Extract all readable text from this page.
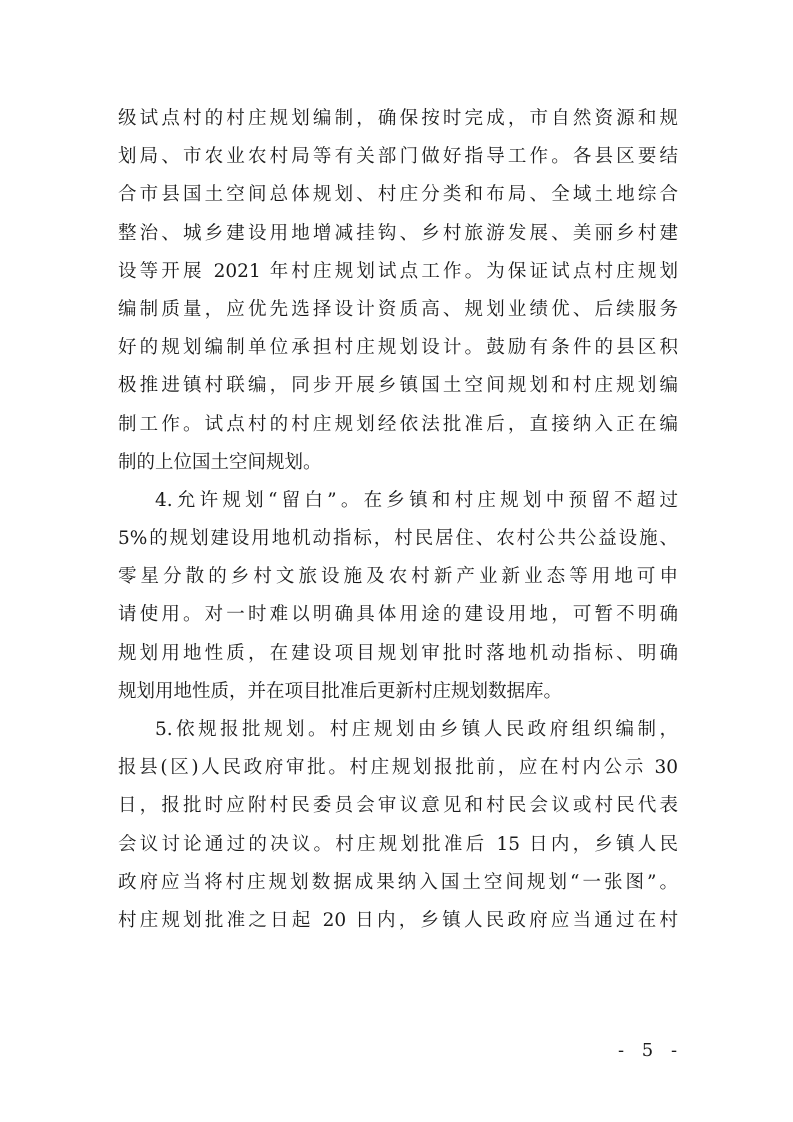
级试点村的村庄规划编制，确保按时完成，市自然资源和规
划局、市农业农村局等有关部门做好指导工作。各县区要结
合市县国土空间总体规划、村庄分类和布局、全域土地综合
整治、城乡建设用地增减挂钩、乡村旅游发展、美丽乡村建
设等开展 2021 年村庄规划试点工作。为保证试点村庄规划
编制质量，应优先选择设计资质高、规划业绩优、后续服务
好的规划编制单位承担村庄规划设计。鼓励有条件的县区积
极推进镇村联编，同步开展乡镇国土空间规划和村庄规划编
制工作。试点村的村庄规划经依法批准后，直接纳入正在编
制的上位国土空间规划。
4.允许规划“留白”。在乡镇和村庄规划中预留不超过
5%的规划建设用地机动指标，村民居住、农村公共公益设施、
零星分散的乡村文旅设施及农村新产业新业态等用地可申
请使用。对一时难以明确具体用途的建设用地，可暂不明确
规划用地性质，在建设项目规划审批时落地机动指标、明确
规划用地性质，并在项目批准后更新村庄规划数据库。
5.依规报批规划。村庄规划由乡镇人民政府组织编制，
报县(区)人民政府审批。村庄规划报批前，应在村内公示 30
日，报批时应附村民委员会审议意见和村民会议或村民代表
会议讨论通过的决议。村庄规划批准后 15 日内，乡镇人民
政府应当将村庄规划数据成果纳入国土空间规划“一张图”。
村庄规划批准之日起 20 日内，乡镇人民政府应当通过在村
- 5 -
